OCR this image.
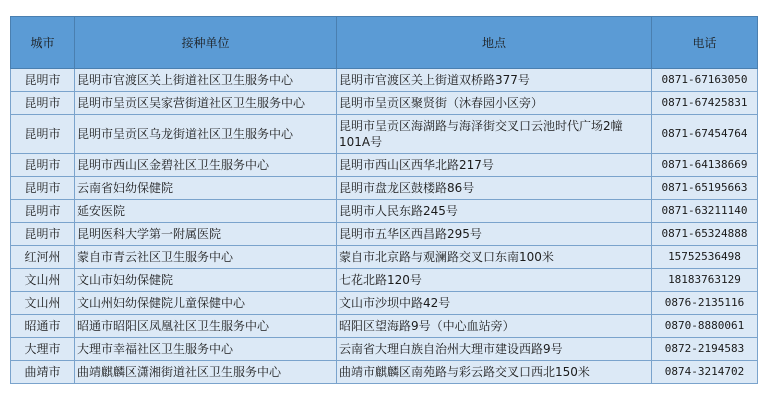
城市	接种单位	地点	电话
昆明市	昆明市官渡区关上街道社区卫生服务中心	昆明市官渡区关上街道双桥路377号	0871-67163050
昆明市	昆明市呈贡区吴家营街道社区卫生服务中心	昆明市呈贡区聚贤街（沐春园小区旁）	0871-67425831
昆明市	昆明市呈贡区乌龙街道社区卫生服务中心	昆明市呈贡区海湖路与海泽街交叉口云池时代广场2幢101A号	0871-67454764
昆明市	昆明市西山区金碧社区卫生服务中心	昆明市西山区西华北路217号	0871-64138669
昆明市	云南省妇幼保健院	昆明市盘龙区鼓楼路86号	0871-65195663
昆明市	延安医院	昆明市人民东路245号	0871-63211140
昆明市	昆明医科大学第一附属医院	昆明市五华区西昌路295号	0871-65324888
红河州	蒙自市青云社区卫生服务中心	蒙自市北京路与观澜路交叉口东南100米	15752536498
文山州	文山市妇幼保健院	七花北路120号	18183763129
文山州	文山州妇幼保健院儿童保健中心	文山市沙坝中路42号	0876-2135116
昭通市	昭通市昭阳区凤凰社区卫生服务中心	昭阳区望海路9号（中心血站旁）	0870-8880061
大理市	大理市幸福社区卫生服务中心	云南省大理白族自治州大理市建设西路9号	0872-2194583
曲靖市	曲靖麒麟区潇湘街道社区卫生服务中心	曲靖市麒麟区南苑路与彩云路交叉口西北150米	0874-3214702
